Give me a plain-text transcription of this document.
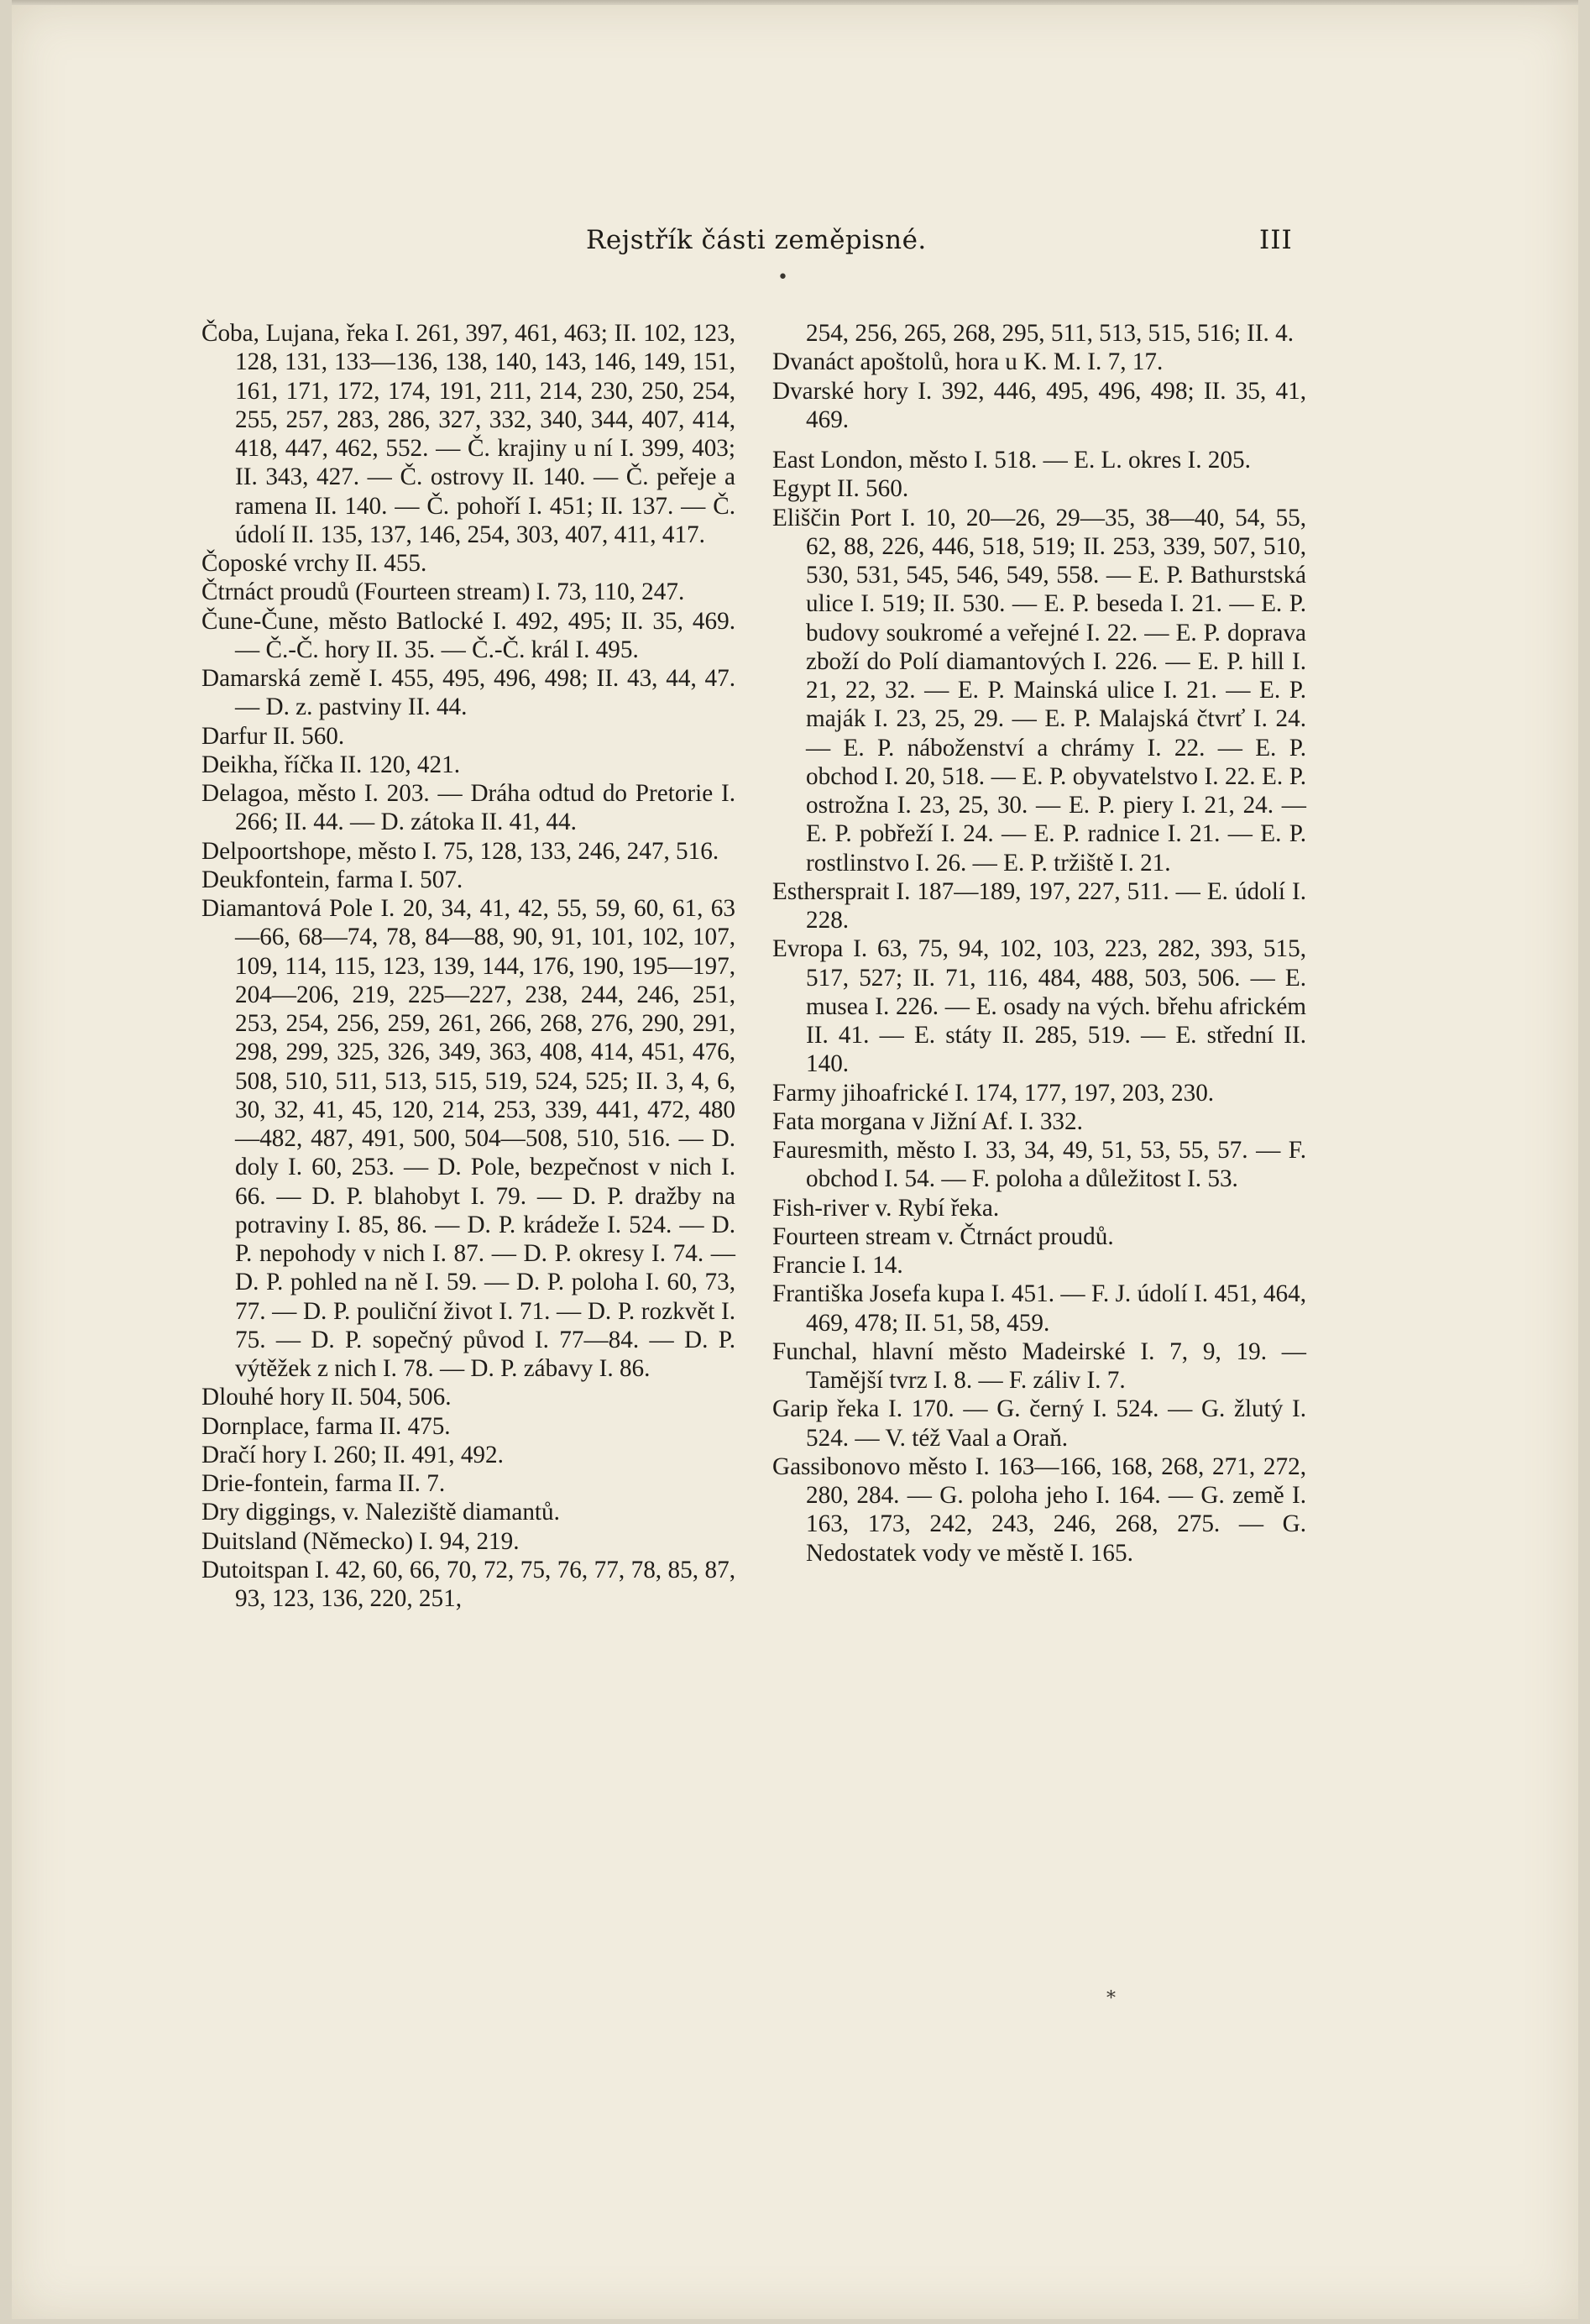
Rejstřík části zeměpisné.	III
•

Čoba, Lujana, řeka I. 261, 397, 461, 463; II. 102, 123, 128, 131, 133—136, 138, 140, 143, 146, 149, 151, 161, 171, 172, 174, 191, 211, 214, 230, 250, 254, 255, 257, 283, 286, 327, 332, 340, 344, 407, 414, 418, 447, 462, 552. — Č. krajiny u ní I. 399, 403; II. 343, 427. — Č. ostrovy II. 140. — Č. peřeje a ramena II. 140. — Č. pohoří I. 451; II. 137. — Č. údolí II. 135, 137, 146, 254, 303, 407, 411, 417.

Čoposké vrchy II. 455.

Čtrnáct proudů (Fourteen stream) I. 73, 110, 247.

Čune-Čune, město Batlocké I. 492, 495; II. 35, 469. — Č.-Č. hory II. 35. — Č.-Č. král I. 495.

Damarská země I. 455, 495, 496, 498; II. 43, 44, 47. — D. z. pastviny II. 44.

Darfur II. 560.

Deikha, říčka II. 120, 421.

Delagoa, město I. 203. — Dráha odtud do Pretorie I. 266; II. 44. — D. zátoka II. 41, 44.

Delpoortshope, město I. 75, 128, 133, 246, 247, 516.

Deukfontein, farma I. 507.

Diamantová Pole I. 20, 34, 41, 42, 55, 59, 60, 61, 63—66, 68—74, 78, 84—88, 90, 91, 101, 102, 107, 109, 114, 115, 123, 139, 144, 176, 190, 195—197, 204—206, 219, 225—227, 238, 244, 246, 251, 253, 254, 256, 259, 261, 266, 268, 276, 290, 291, 298, 299, 325, 326, 349, 363, 408, 414, 451, 476, 508, 510, 511, 513, 515, 519, 524, 525; II. 3, 4, 6, 30, 32, 41, 45, 120, 214, 253, 339, 441, 472, 480—482, 487, 491, 500, 504—508, 510, 516. — D. doly I. 60, 253. — D. Pole, bezpečnost v nich I. 66. — D. P. blahobyt I. 79. — D. P. dražby na potraviny I. 85, 86. — D. P. krádeže I. 524. — D. P. nepohody v nich I. 87. — D. P. okresy I. 74. — D. P. pohled na ně I. 59. — D. P. poloha I. 60, 73, 77. — D. P. pouliční život I. 71. — D. P. rozkvět I. 75. — D. P. sopečný původ I. 77—84. — D. P. výtěžek z nich I. 78. — D. P. zábavy I. 86.

Dlouhé hory II. 504, 506.

Dornplace, farma II. 475.

Dračí hory I. 260; II. 491, 492.

Drie-fontein, farma II. 7.

Dry diggings, v. Naleziště diamantů.

Duitsland (Německo) I. 94, 219.

Dutoitspan I. 42, 60, 66, 70, 72, 75, 76, 77, 78, 85, 87, 93, 123, 136, 220, 251,

254, 256, 265, 268, 295, 511, 513, 515, 516; II. 4.

Dvanáct apoštolů, hora u K. M. I. 7, 17.

Dvarské hory I. 392, 446, 495, 496, 498; II. 35, 41, 469.

East London, město I. 518. — E. L. okres I. 205.

Egypt II. 560.

Eliščin Port I. 10, 20—26, 29—35, 38—40, 54, 55, 62, 88, 226, 446, 518, 519; II. 253, 339, 507, 510, 530, 531, 545, 546, 549, 558. — E. P. Bathurstská ulice I. 519; II. 530. — E. P. beseda I. 21. — E. P. budovy soukromé a veřejné I. 22. — E. P. doprava zboží do Polí diamantových I. 226. — E. P. hill I. 21, 22, 32. — E. P. Mainská ulice I. 21. — E. P. maják I. 23, 25, 29. — E. P. Malajská čtvrť I. 24. — E. P. náboženství a chrámy I. 22. — E. P. obchod I. 20, 518. — E. P. obyvatelstvo I. 22. E. P. ostrožna I. 23, 25, 30. — E. P. piery I. 21, 24. — E. P. pobřeží I. 24. — E. P. radnice I. 21. — E. P. rostlinstvo I. 26. — E. P. tržiště I. 21.

Esthersprait I. 187—189, 197, 227, 511. — E. údolí I. 228.

Evropa I. 63, 75, 94, 102, 103, 223, 282, 393, 515, 517, 527; II. 71, 116, 484, 488, 503, 506. — E. musea I. 226. — E. osady na vých. břehu africkém II. 41. — E. státy II. 285, 519. — E. střední II. 140.

Farmy jihoafrické I. 174, 177, 197, 203, 230.

Fata morgana v Jižní Af. I. 332.

Fauresmith, město I. 33, 34, 49, 51, 53, 55, 57. — F. obchod I. 54. — F. poloha a důležitost I. 53.

Fish-river v. Rybí řeka.

Fourteen stream v. Čtrnáct proudů.

Francie I. 14.

Františka Josefa kupa I. 451. — F. J. údolí I. 451, 464, 469, 478; II. 51, 58, 459.

Funchal, hlavní město Madeirské I. 7, 9, 19. — Tamější tvrz I. 8. — F. záliv I. 7.

Garip řeka I. 170. — G. černý I. 524. — G. žlutý I. 524. — V. též Vaal a Oraň.

Gassibonovo město I. 163—166, 168, 268, 271, 272, 280, 284. — G. poloha jeho I. 164. — G. země I. 163, 173, 242, 243, 246, 268, 275. — G. Nedostatek vody ve městě I. 165.

*
